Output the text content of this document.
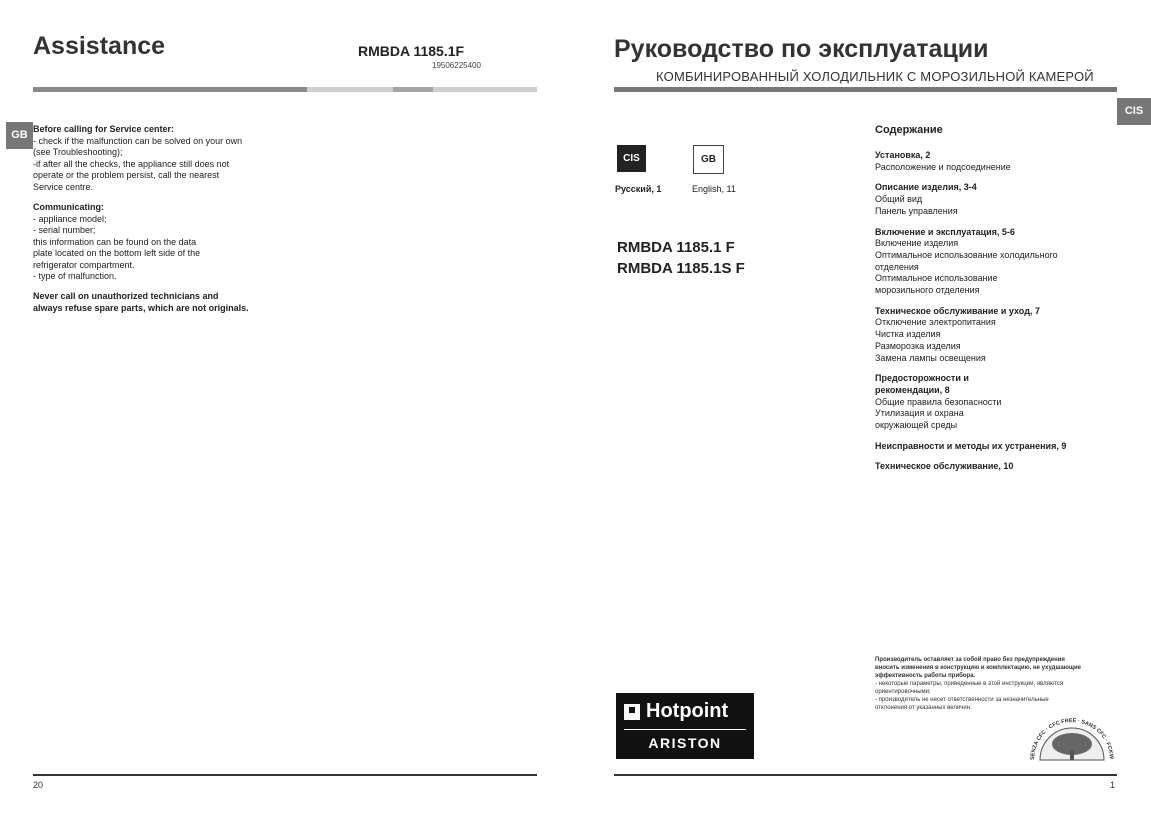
Assistance	RMBDA 1185.1F
19506225400
GB Before calling for Service center:
- check if the malfunction can be solved on your own
(see Troubleshooting);
-if after all the checks, the appliance still does not
operate or the problem persist, call the nearest
Service centre.
Communicating:
- appliance model;
- serial number;
this information can be found on the data
plate located on the bottom left side of the
refrigerator compartment.
- type of malfunction.
Never call on unauthorized technicians and
always refuse spare parts, which are not originals.
20
Руководство по эксплуатации
КОМБИНИРОВАННЫЙ ХОЛОДИЛЬНИК С МОРОЗИЛЬНОЙ КАМЕРОЙ
CIS
CIS	GB
Русский, 1	English, 11
RMBDA 1185.1 F
RMBDA 1185.1S F
Содержание
Установка, 2
Расположение и подсоединение
Описание изделия, 3-4
Общий вид
Панель управления
Включение и эксплуатация, 5-6
Включение изделия
Оптимальное использование холодильного
отделения
Оптимальное использование
морозильного отделения
Техническое обслуживание и уход, 7
Отключение электропитания
Чистка изделия
Разморозка изделия
Замена лампы освещения
Предосторожности и
рекомендации, 8
Общие правила безопасности
Утилизация и охрана
окружающей среды
Неисправности и методы их устранения, 9
Техническое обслуживание, 10
Производитель оставляет за собой право без предупреждения
вносить изменения в конструкцию и комплектацию, не ухудшающие
эффективность работы прибора.
- некоторые параметры, приведенные в этой инструкции, являются
ориентировочными;
- производитель не несет ответственности за незначительные
отклонения от указанных величин.
Hotpoint
ARISTON
SENZA CFC · CFC FREE · SANS CFC · FCKW
1
